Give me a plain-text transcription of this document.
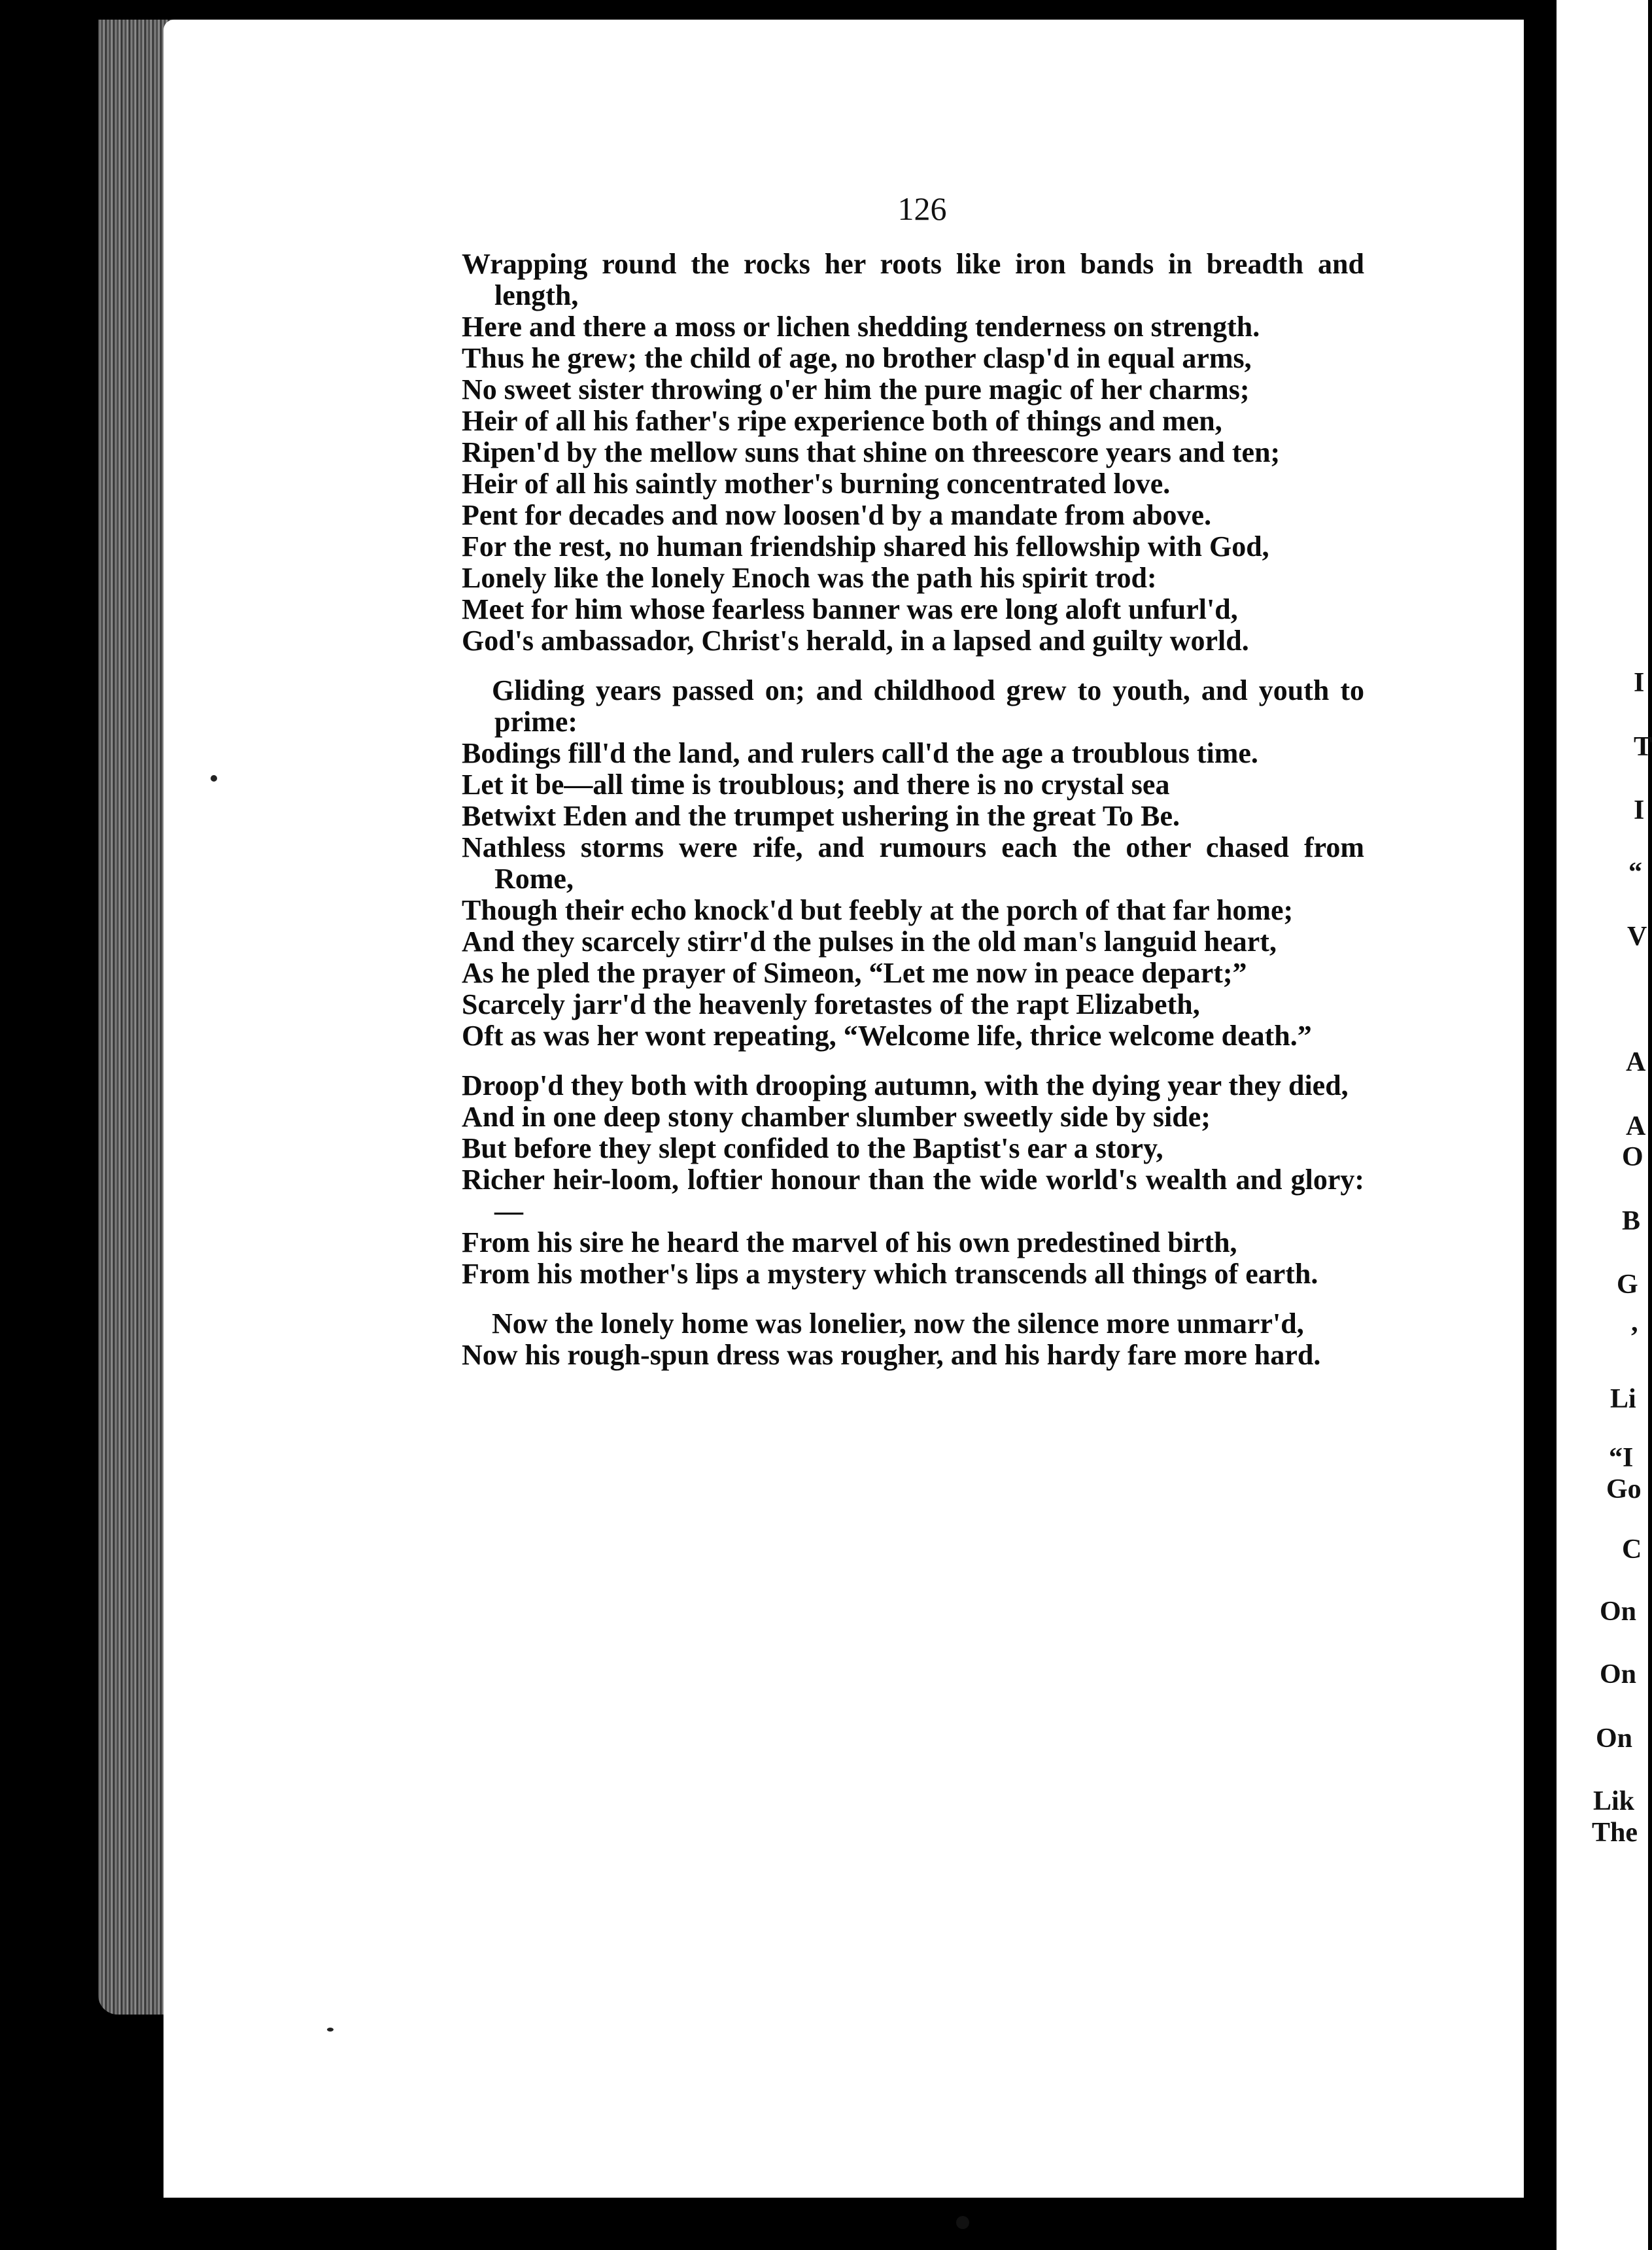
126
Wrapping round the rocks her roots like iron bands in breadth and length,
Here and there a moss or lichen shedding tenderness on strength.
Thus he grew; the child of age, no brother clasp'd in equal arms,
No sweet sister throwing o'er him the pure magic of her charms;
Heir of all his father's ripe experience both of things and men,
Ripen'd by the mellow suns that shine on threescore years and ten;
Heir of all his saintly mother's burning concentrated love.
Pent for decades and now loosen'd by a mandate from above.
For the rest, no human friendship shared his fellowship with God,
Lonely like the lonely Enoch was the path his spirit trod:
Meet for him whose fearless banner was ere long aloft unfurl'd,
God's ambassador, Christ's herald, in a lapsed and guilty world.
Gliding years passed on; and childhood grew to youth, and youth to prime:
Bodings fill'd the land, and rulers call'd the age a troublous time.
Let it be—all time is troublous; and there is no crystal sea
Betwixt Eden and the trumpet ushering in the great To Be.
Nathless storms were rife, and rumours each the other chased from Rome,
Though their echo knock'd but feebly at the porch of that far home;
And they scarcely stirr'd the pulses in the old man's languid heart,
As he pled the prayer of Simeon, “Let me now in peace depart;”
Scarcely jarr'd the heavenly foretastes of the rapt Elizabeth,
Oft as was her wont repeating, “Welcome life, thrice welcome death.”
Droop'd they both with drooping autumn, with the dying year they died,
And in one deep stony chamber slumber sweetly side by side;
But before they slept confided to the Baptist's ear a story,
Richer heir-loom, loftier honour than the wide world's wealth and glory: —
From his sire he heard the marvel of his own predestined birth,
From his mother's lips a mystery which transcends all things of earth.
Now the lonely home was lonelier, now the silence more unmarr'd,
Now his rough-spun dress was rougher, and his hardy fare more hard.
I
T
I
“
V
A
A
O
B
G
’
Li
“I
Go
C
On
On
On
Lik
The
